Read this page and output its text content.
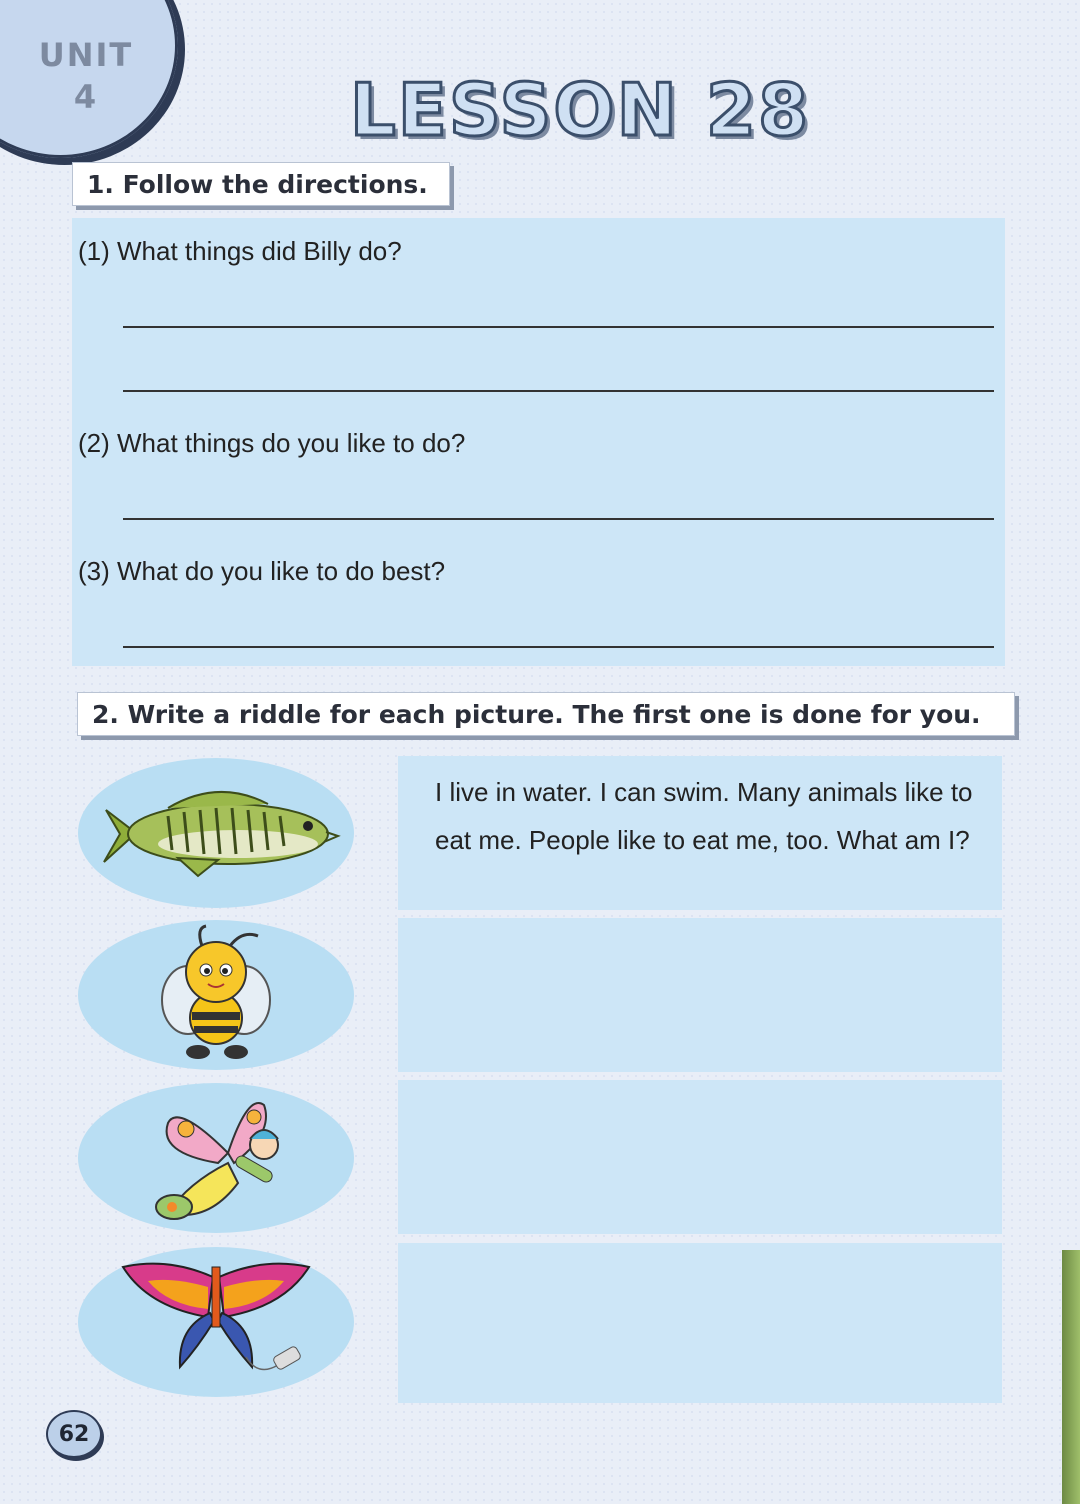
UNIT
4	LESSON 28
1. Follow the directions.
(1) What things did Billy do?
(2) What things do you like to do?
(3) What do you like to do best?
2. Write a riddle for each picture. The first one is done for you.
I live in water. I can swim. Many animals like to eat me. People like to eat me, too. What am I?
62
